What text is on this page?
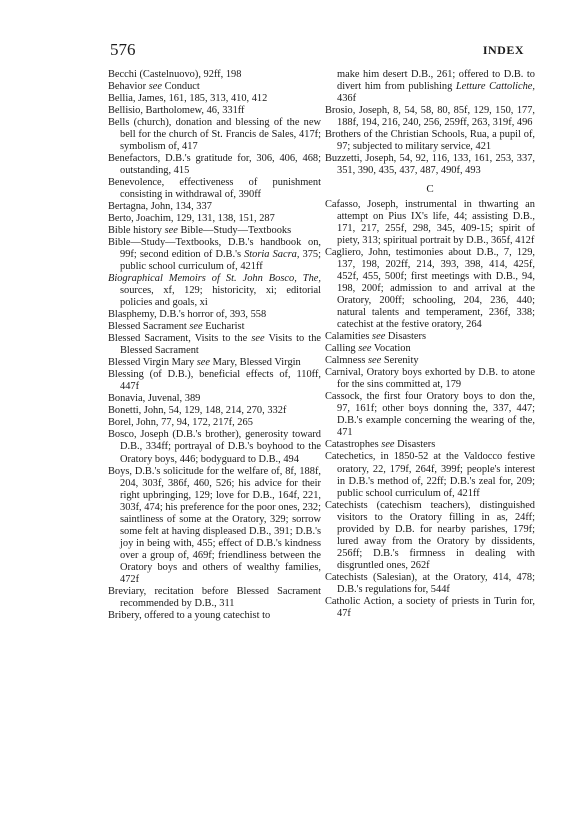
576	INDEX

Becchi (Castelnuovo), 92ff, 198

Behavior see Conduct

Bellia, James, 161, 185, 313, 410, 412

Bellisio, Bartholomew, 46, 331ff

Bells (church), donation and blessing of the new bell for the church of St. Francis de Sales, 417f; symbolism of, 417

Benefactors, D.B.'s gratitude for, 306, 406, 468; outstanding, 415

Benevolence, effectiveness of punishment consisting in withdrawal of, 390ff

Bertagna, John, 134, 337

Berto, Joachim, 129, 131, 138, 151, 287

Bible history see Bible—Study—Textbooks

Bible—Study—Textbooks, D.B.'s handbook on, 99f; second edition of D.B.'s Storia Sacra, 375; public school curriculum of, 421ff

Biographical Memoirs of St. John Bosco, The, sources, xf, 129; historicity, xi; editorial policies and goals, xi

Blasphemy, D.B.'s horror of, 393, 558

Blessed Sacrament see Eucharist

Blessed Sacrament, Visits to the see Visits to the Blessed Sacrament

Blessed Virgin Mary see Mary, Blessed Virgin

Blessing (of D.B.), beneficial effects of, 110ff, 447f

Bonavia, Juvenal, 389

Bonetti, John, 54, 129, 148, 214, 270, 332f

Borel, John, 77, 94, 172, 217f, 265

Bosco, Joseph (D.B.'s brother), generosity toward D.B., 334ff; portrayal of D.B.'s boyhood to the Oratory boys, 446; bodyguard to D.B., 494

Boys, D.B.'s solicitude for the welfare of, 8f, 188f, 204, 303f, 386f, 460, 526; his advice for their right upbringing, 129; love for D.B., 164f, 221, 303f, 474; his preference for the poor ones, 232; saintliness of some at the Oratory, 329; sorrow some felt at having displeased D.B., 391; D.B.'s joy in being with, 455; effect of D.B.'s kindness over a group of, 469f; friendliness between the Oratory boys and others of wealthy families, 472f

Breviary, recitation before Blessed Sacrament recommended by D.B., 311

Bribery, offered to a young catechist to

make him desert D.B., 261; offered to D.B. to divert him from publishing Letture Cattoliche, 436f

Brosio, Joseph, 8, 54, 58, 80, 85f, 129, 150, 177, 188f, 194, 216, 240, 256, 259ff, 263, 319f, 496

Brothers of the Christian Schools, Rua, a pupil of, 97; subjected to military service, 421

Buzzetti, Joseph, 54, 92, 116, 133, 161, 253, 337, 351, 390, 435, 437, 487, 490f, 493

C

Cafasso, Joseph, instrumental in thwarting an attempt on Pius IX's life, 44; assisting D.B., 171, 217, 255f, 298, 345, 409-15; spirit of piety, 313; spiritual portrait by D.B., 365f, 412f

Cagliero, John, testimonies about D.B., 7, 129, 137, 198, 202ff, 214, 393, 398, 414, 425f, 452f, 455, 500f; first meetings with D.B., 94, 198, 200f; admission to and arrival at the Oratory, 200ff; schooling, 204, 236, 440; natural talents and temperament, 236f, 338; catechist at the festive oratory, 264

Calamities see Disasters

Calling see Vocation

Calmness see Serenity

Carnival, Oratory boys exhorted by D.B. to atone for the sins committed at, 179

Cassock, the first four Oratory boys to don the, 97, 161f; other boys donning the, 337, 447; D.B.'s example concerning the wearing of the, 471

Catastrophes see Disasters

Catechetics, in 1850-52 at the Valdocco festive oratory, 22, 179f, 264f, 399f; people's interest in D.B.'s method of, 22ff; D.B.'s zeal for, 209; public school curriculum of, 421ff

Catechists (catechism teachers), distinguished visitors to the Oratory filling in as, 24ff; provided by D.B. for nearby parishes, 179f; lured away from the Oratory by dissidents, 256ff; D.B.'s firmness in dealing with disgruntled ones, 262f

Catechists (Salesian), at the Oratory, 414, 478; D.B.'s regulations for, 544f

Catholic Action, a society of priests in Turin for, 47f
